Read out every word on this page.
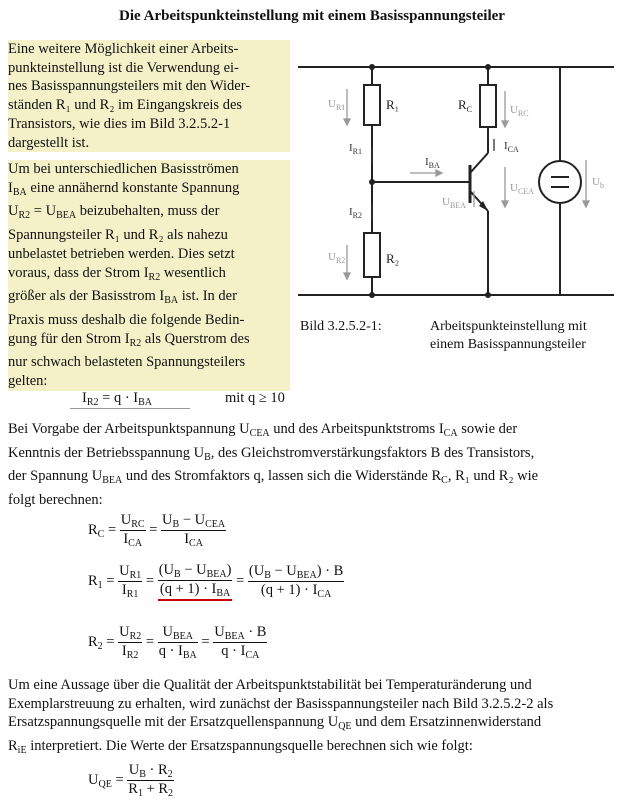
Die Arbeitspunkteinstellung mit einem Basisspannungsteiler
Eine weitere Möglichkeit einer Arbeits-
punkteinstellung ist die Verwendung ei-
nes Basisspannungsteilers mit den Wider-
ständen R₁ und R₂ im Eingangskreis des
Transistors, wie dies im Bild 3.2.5.2-1
dargestellt ist.
Um bei unterschiedlichen Basisströmen
$I_{BA}$ eine annähernd konstante Spannung
$U_{R2} = U_{BEA}$ beizubehalten, muss der
Spannungsteiler R₁ und R₂ als nahezu
unbelastet betrieben werden. Dies setzt
voraus, dass der Strom $I_{R2}$ wesentlich
größer als der Basisstrom $I_{BA}$ ist. In der
Praxis muss deshalb die folgende Bedin-
gung für den Strom $I_{R2}$ als Querstrom des
nur schwach belasteten Spannungsteilers
gelten:
$U_{R1}$	R₁
$I_{R1}$
$I_{BA}$
$I_{R2}$
$U_{R2}$	R₂
$R_C$	$U_{RC}$
$I_{CA}$
$U_{CEA}$
$U_{BEA}$
$U_b$
Bild 3.2.5.2-1:	Arbeitspunkteinstellung mit
einem Basisspannungsteiler
$I_{R2} = q \cdot I_{BA}$	mit q ≥ 10
Bei Vorgabe der Arbeitspunktspannung $U_{CEA}$ und des Arbeitspunktstroms $I_{CA}$ sowie der
Kenntnis der Betriebsspannung $U_B$, des Gleichstromverstärkungsfaktors B des Transistors,
der Spannung $U_{BEA}$ und des Stromfaktors q, lassen sich die Widerstände $R_C$, R₁ und R₂ wie
folgt berechnen:
$R_C = \frac{U_{RC}}{I_{CA}} = \frac{U_B - U_{CEA}}{I_{CA}}$
$R_1 = \frac{U_{R1}}{I_{R1}} = \frac{(U_B - U_{BEA})}{(q + 1) \cdot I_{BA}} = \frac{(U_B - U_{BEA}) \cdot B}{(q + 1) \cdot I_{CA}}$
$R_2 = \frac{U_{R2}}{I_{R2}} = \frac{U_{BEA}}{q \cdot I_{BA}} = \frac{U_{BEA} \cdot B}{q \cdot I_{CA}}$
Um eine Aussage über die Qualität der Arbeitspunktstabilität bei Temperaturänderung und
Exemplarstreuung zu erhalten, wird zunächst der Basisspannungsteiler nach Bild 3.2.5.2-2 als
Ersatzspannungsquelle mit der Ersatzquellenspannung $U_{QE}$ und dem Ersatzinnenwiderstand
$R_{iE}$ interpretiert. Die Werte der Ersatzspannungsquelle berechnen sich wie folgt:
$U_{QE} = \frac{U_B \cdot R_2}{R_1 + R_2}$
